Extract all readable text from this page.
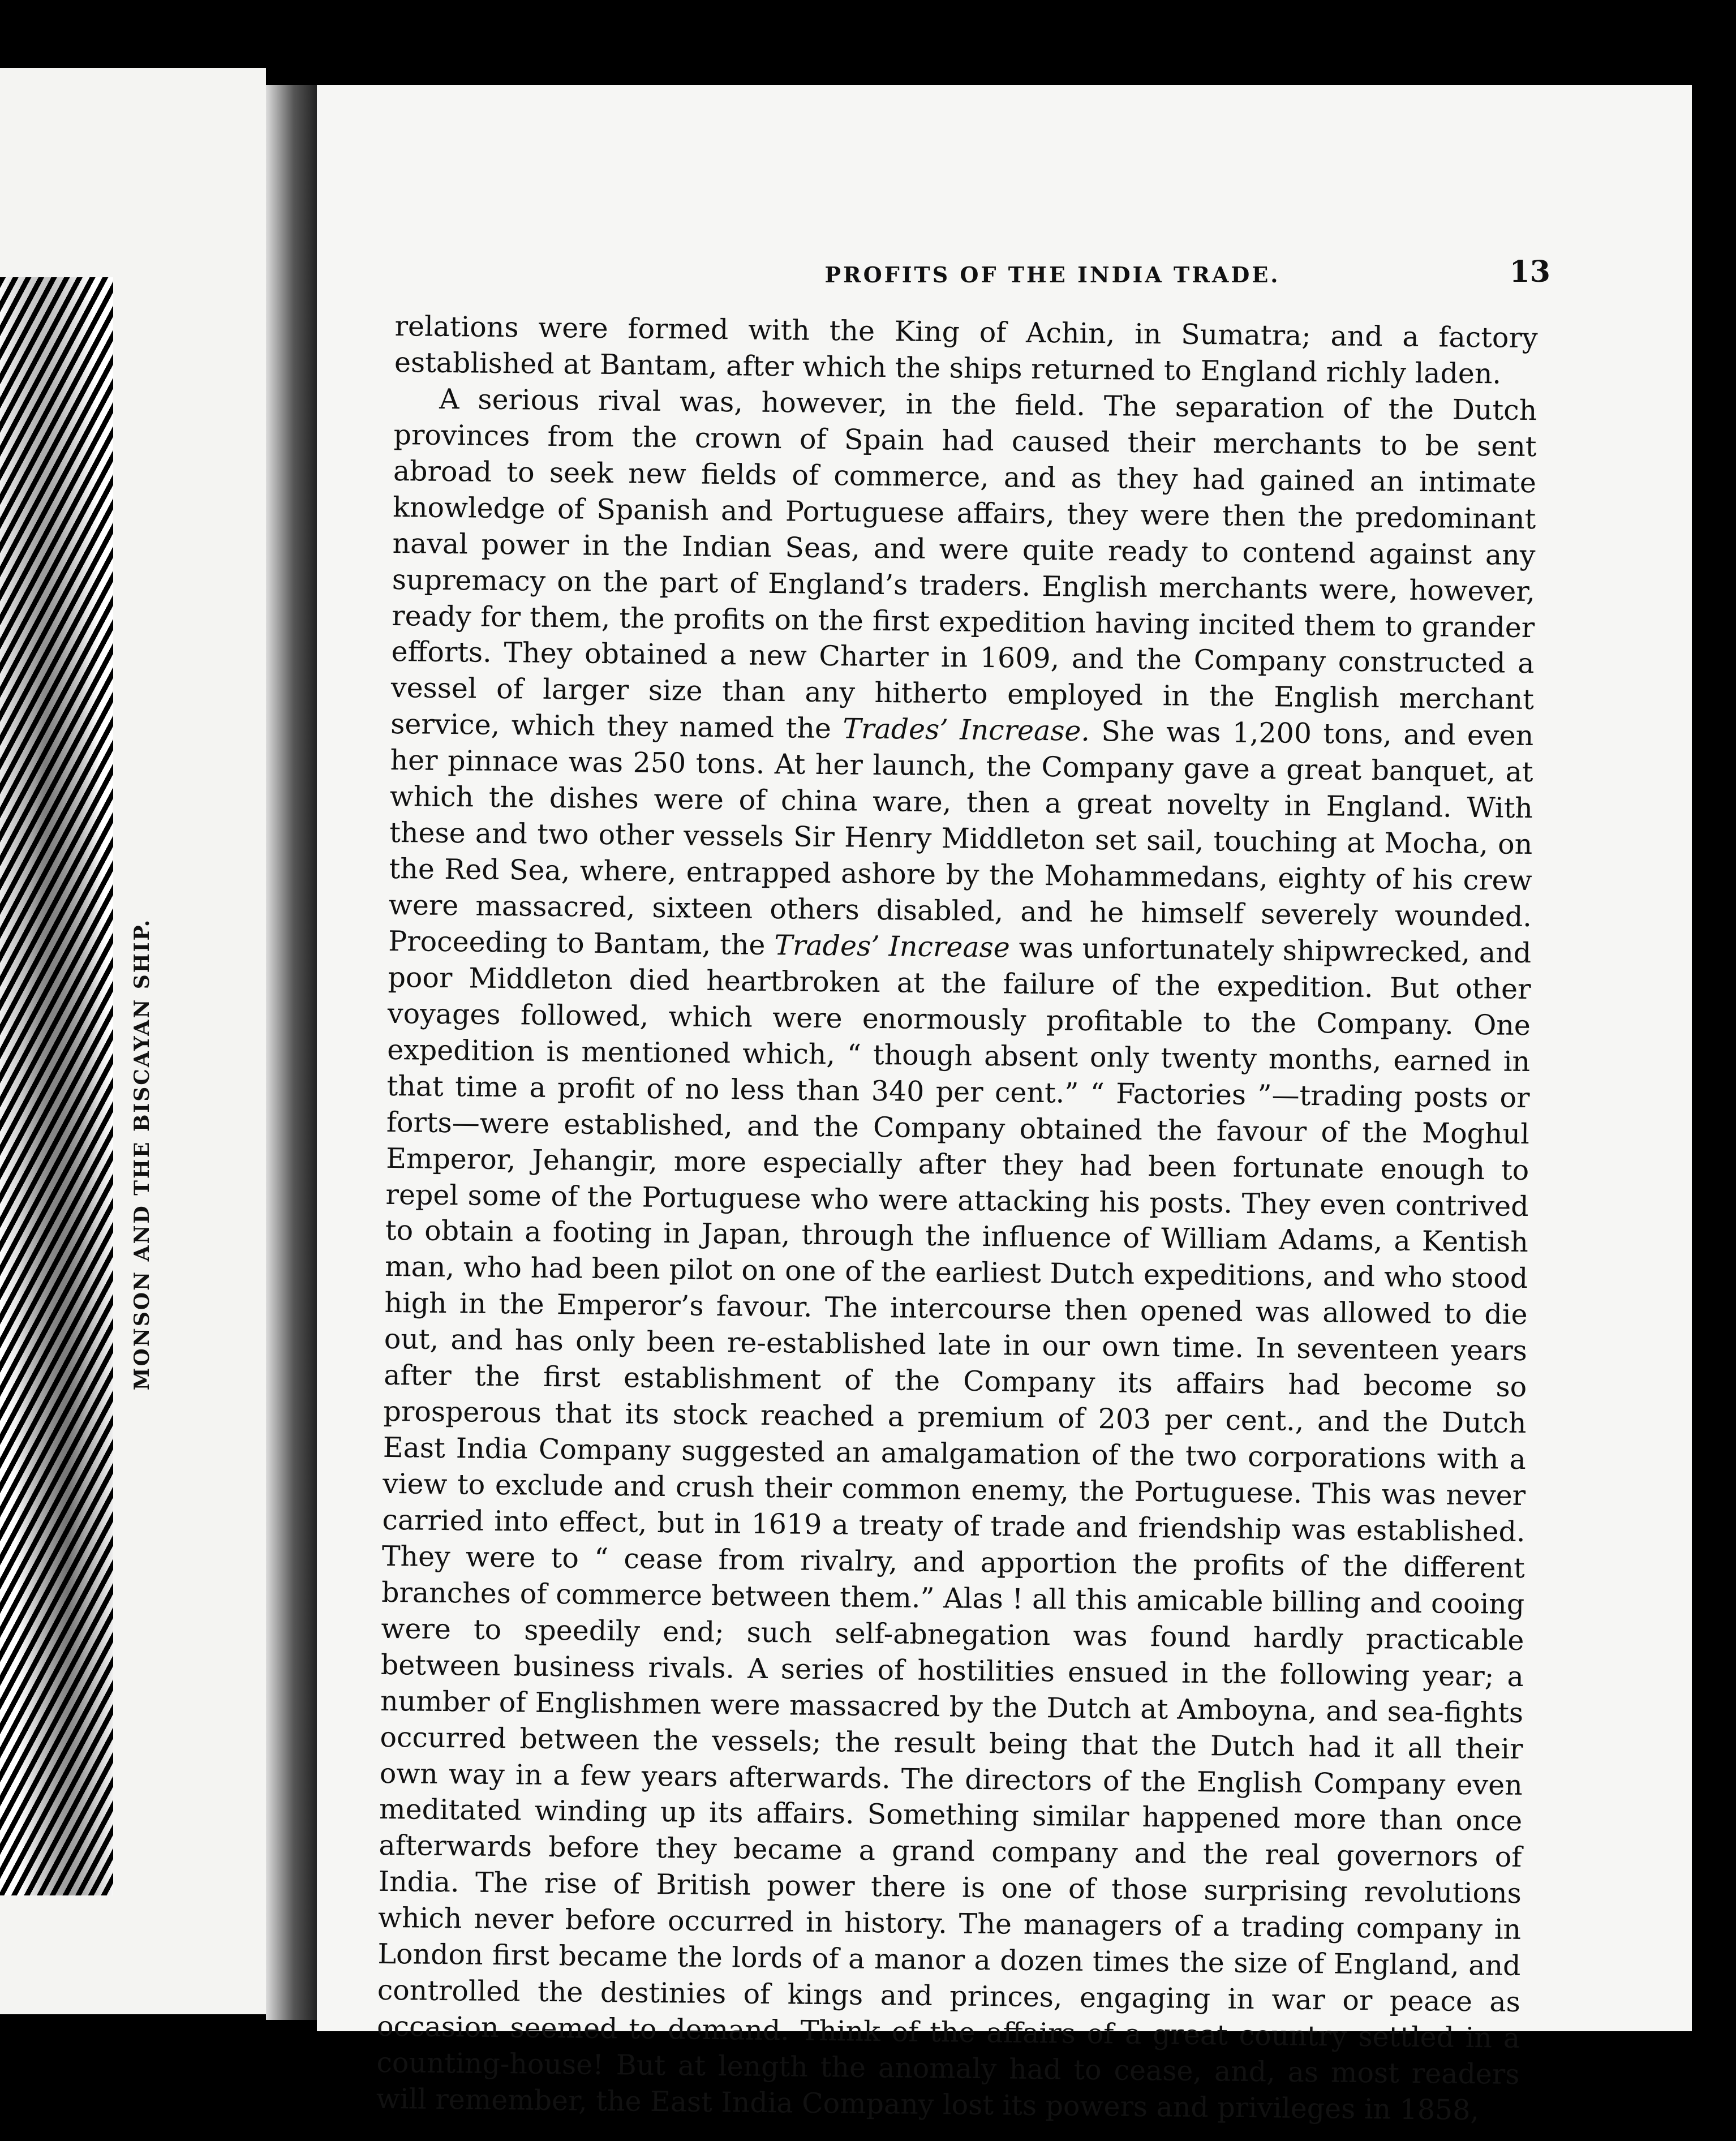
MONSON AND THE BISCAYAN SHIP.
PROFITS OF THE INDIA TRADE.	13

relations were formed with the King of Achin, in Sumatra; and a factory established at Bantam, after which the ships returned to England richly laden.

A serious rival was, however, in the field. The separation of the Dutch provinces from the crown of Spain had caused their merchants to be sent abroad to seek new fields of commerce, and as they had gained an intimate knowledge of Spanish and Portuguese affairs, they were then the predominant naval power in the Indian Seas, and were quite ready to contend against any supremacy on the part of England’s traders. English merchants were, however, ready for them, the profits on the first expedition having incited them to grander efforts. They obtained a new Charter in 1609, and the Company constructed a vessel of larger size than any hitherto employed in the English merchant service, which they named the Trades’ Increase. She was 1,200 tons, and even her pinnace was 250 tons. At her launch, the Company gave a great banquet, at which the dishes were of china ware, then a great novelty in England. With these and two other vessels Sir Henry Middleton set sail, touching at Mocha, on the Red Sea, where, entrapped ashore by the Mohammedans, eighty of his crew were massacred, sixteen others disabled, and he himself severely wounded. Proceeding to Bantam, the Trades’ Increase was unfortunately shipwrecked, and poor Middleton died heartbroken at the failure of the expedition. But other voyages followed, which were enormously profitable to the Company. One expedition is mentioned which, “ though absent only twenty months, earned in that time a profit of no less than 340 per cent.” “ Factories ”—trading posts or forts—were established, and the Company obtained the favour of the Moghul Emperor, Jehangir, more especially after they had been fortunate enough to repel some of the Portuguese who were attacking his posts. They even contrived to obtain a footing in Japan, through the influence of William Adams, a Kentish man, who had been pilot on one of the earliest Dutch expeditions, and who stood high in the Emperor’s favour. The intercourse then opened was allowed to die out, and has only been re-established late in our own time. In seventeen years after the first establishment of the Company its affairs had become so prosperous that its stock reached a premium of 203 per cent., and the Dutch East India Company suggested an amalgamation of the two corporations with a view to exclude and crush their common enemy, the Portuguese. This was never carried into effect, but in 1619 a treaty of trade and friendship was established. They were to “ cease from rivalry, and apportion the profits of the different branches of commerce between them.” Alas ! all this amicable billing and cooing were to speedily end; such self-abnegation was found hardly practicable between business rivals. A series of hostilities ensued in the following year; a number of Englishmen were massacred by the Dutch at Amboyna, and sea-fights occurred between the vessels; the result being that the Dutch had it all their own way in a few years afterwards. The directors of the English Company even meditated winding up its affairs. Something similar happened more than once afterwards before they became a grand company and the real governors of India. The rise of British power there is one of those surprising revolutions which never before occurred in history. The managers of a trading company in London first became the lords of a manor a dozen times the size of England, and controlled the destinies of kings and princes, engaging in war or peace as occasion seemed to demand. Think of the affairs of a great country settled in a counting-house! But at length the anomaly had to cease, and, as most readers will remember, the East India Company lost its powers and privileges in 1858,
